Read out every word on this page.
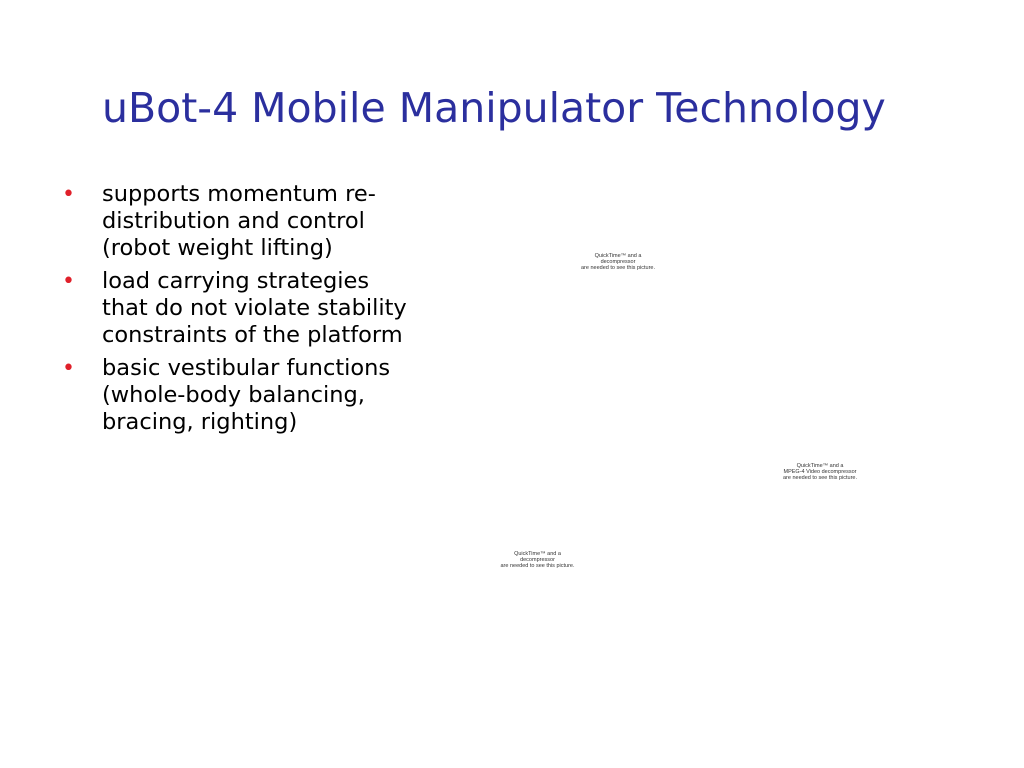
uBot-4 Mobile Manipulator Technology
•	supports momentum re-distribution and control (robot weight lifting)
•	load carrying strategies that do not violate stability constraints of the platform
•	basic vestibular functions (whole-body balancing, bracing, righting)
QuickTime™ and a
decompressor
are needed to see this picture.
QuickTime™ and a
MPEG-4 Video decompressor
are needed to see this picture.
QuickTime™ and a
decompressor
are needed to see this picture.
